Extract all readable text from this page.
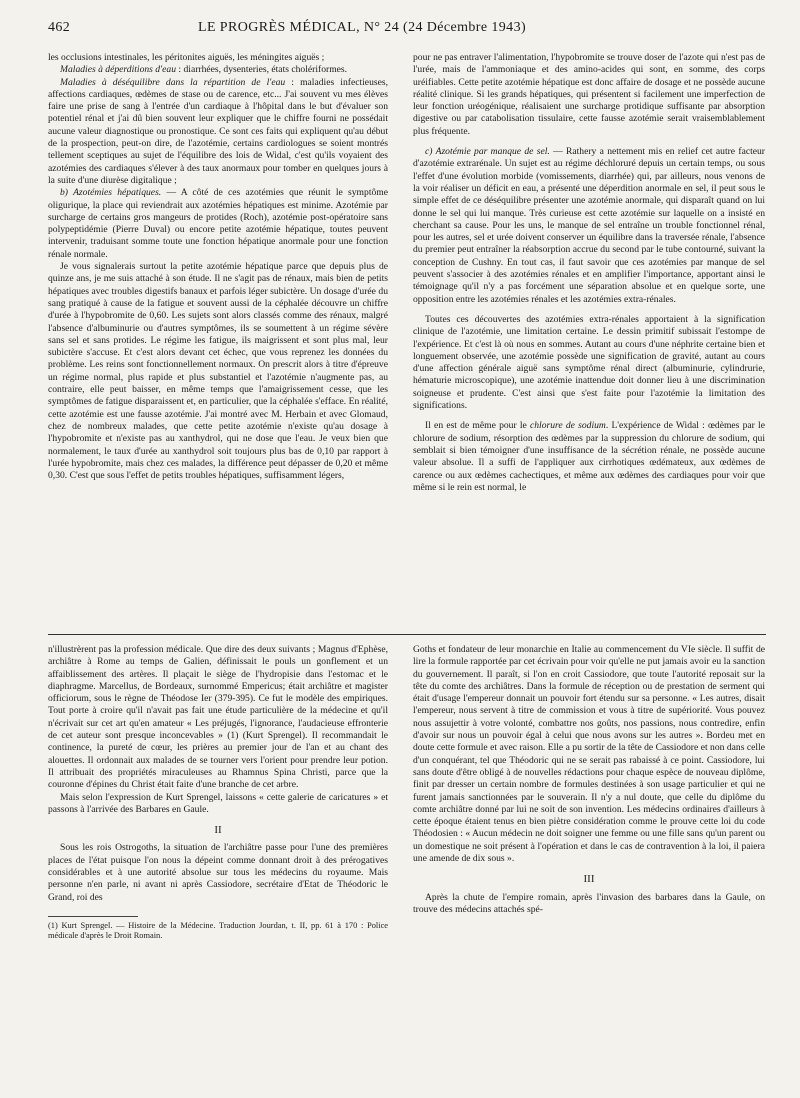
462	LE PROGRÈS MÉDICAL, N° 24 (24 Décembre 1943)

les occlusions intestinales, les péritonites aiguës, les méningites aiguës ;

Maladies à déperditions d'eau : diarrhées, dysenteries, états cholériformes.

Maladies à déséquilibre dans la répartition de l'eau : maladies infectieuses, affections cardiaques, œdèmes de stase ou de carence, etc... J'ai souvent vu mes élèves faire une prise de sang à l'entrée d'un cardiaque à l'hôpital dans le but d'évaluer son potentiel rénal et j'ai dû bien souvent leur expliquer que le chiffre fourni ne possédait aucune valeur diagnostique ou pronostique. Ce sont ces faits qui expliquent qu'au début de la prospection, peut-on dire, de l'azotémie, certains cardiologues se soient montrés tellement sceptiques au sujet de l'équilibre des lois de Widal, c'est qu'ils voyaient des azotémies des cardiaques s'élever à des taux anormaux pour tomber en quelques jours à la suite d'une diurèse digitalique ;

b) Azotémies hépatiques. — A côté de ces azotémies que réunit le symptôme oligurique, la place qui reviendrait aux azotémies hépatiques est minime. Azotémie par surcharge de certains gros mangeurs de protides (Roch), azotémie post-opératoire sans polypeptidémie (Pierre Duval) ou encore petite azotémie hépatique, toutes peuvent intervenir, traduisant somme toute une fonction hépatique anormale pour une fonction rénale normale.

Je vous signalerais surtout la petite azotémie hépatique parce que depuis plus de quinze ans, je me suis attaché à son étude. Il ne s'agit pas de rénaux, mais bien de petits hépatiques avec troubles digestifs banaux et parfois léger subictère. Un dosage d'urée du sang pratiqué à cause de la fatigue et souvent aussi de la céphalée découvre un chiffre d'urée à l'hypobromite de 0,60. Les sujets sont alors classés comme des rénaux, malgré l'absence d'albuminurie ou d'autres symptômes, ils se soumettent à un régime sévère sans sel et sans protides. Le régime les fatigue, ils maigrissent et sont plus mal, leur subictère s'accuse. Et c'est alors devant cet échec, que vous reprenez les données du problème. Les reins sont fonctionnellement normaux. On prescrit alors à titre d'épreuve un régime normal, plus rapide et plus substantiel et l'azotémie n'augmente pas, au contraire, elle peut baisser, en même temps que l'amaigrissement cesse, que les symptômes de fatigue disparaissent et, en particulier, que la céphalée s'efface. En réalité, cette azotémie est une fausse azotémie. J'ai montré avec M. Herbain et avec Glomaud, chez de nombreux malades, que cette petite azotémie n'existe qu'au dosage à l'hypobromite et n'existe pas au xanthydrol, qui ne dose que l'eau. Je veux bien que normalement, le taux d'urée au xanthydrol soit toujours plus bas de 0,10 par rapport à l'urée hypobromite, mais chez ces malades, la différence peut dépasser de 0,20 et même 0,30. C'est que sous l'effet de petits troubles hépatiques, suffisamment légers,

pour ne pas entraver l'alimentation, l'hypobromite se trouve doser de l'azote qui n'est pas de l'urée, mais de l'ammoniaque et des amino-acides qui sont, en somme, des corps uréifiables. Cette petite azotémie hépatique est donc affaire de dosage et ne possède aucune réalité clinique. Si les grands hépatiques, qui présentent si facilement une imperfection de leur fonction uréogénique, réalisaient une surcharge protidique suffisante par absorption digestive ou par catabolisation tissulaire, cette fausse azotémie serait vraisemblablement plus fréquente.

c) Azotémie par manque de sel. — Rathery a nettement mis en relief cet autre facteur d'azotémie extrarénale. Un sujet est au régime déchloruré depuis un certain temps, ou sous l'effet d'une évolution morbide (vomissements, diarrhée) qui, par ailleurs, nous venons de la voir réaliser un déficit en eau, a présenté une déperdition anormale en sel, il peut sous le simple effet de ce déséquilibre présenter une azotémie anormale, qui disparaît quand on lui donne le sel qui lui manque. Très curieuse est cette azotémie sur laquelle on a insisté en cherchant sa cause. Pour les uns, le manque de sel entraîne un trouble fonctionnel rénal, pour les autres, sel et urée doivent conserver un équilibre dans la traversée rénale, l'absence du premier peut entraîner la réabsorption accrue du second par le tube contourné, suivant la conception de Cushny. En tout cas, il faut savoir que ces azotémies par manque de sel peuvent s'associer à des azotémies rénales et en amplifier l'importance, apportant ainsi le témoignage qu'il n'y a pas forcément une séparation absolue et en quelque sorte, une opposition entre les azotémies rénales et les azotémies extra-rénales.

Toutes ces découvertes des azotémies extra-rénales apportaient à la signification clinique de l'azotémie, une limitation certaine. Le dessin primitif subissait l'estompe de l'expérience. Et c'est là où nous en sommes. Autant au cours d'une néphrite certaine bien et longuement observée, une azotémie possède une signification de gravité, autant au cours d'une affection générale aiguë sans symptôme rénal direct (albuminurie, cylindrurie, hématurie microscopique), une azotémie inattendue doit donner lieu à une discrimination soigneuse et prudente. C'est ainsi que s'est faite pour l'azotémie la limitation des significations.

Il en est de même pour le chlorure de sodium. L'expérience de Widal : œdèmes par le chlorure de sodium, résorption des œdèmes par la suppression du chlorure de sodium, qui semblait si bien témoigner d'une insuffisance de la sécrétion rénale, ne possède aucune valeur absolue. Il a suffi de l'appliquer aux cirrhotiques œdémateux, aux œdèmes de carence ou aux œdèmes cachectiques, et même aux œdèmes des cardiaques pour voir que même si le rein est normal, le

n'illustrèrent pas la profession médicale. Que dire des deux suivants ; Magnus d'Ephèse, archiâtre à Rome au temps de Galien, définissait le pouls un gonflement et un affaiblissement des artères. Il plaçait le siège de l'hydropisie dans l'estomac et le diaphragme. Marcellus, de Bordeaux, surnommé Empericus; était archiâtre et magister officiorum, sous le règne de Théodose Ier (379-395). Ce fut le modèle des empiriques. Tout porte à croire qu'il n'avait pas fait une étude particulière de la médecine et qu'il n'écrivait sur cet art qu'en amateur « Les préjugés, l'ignorance, l'audacieuse effronterie de cet auteur sont presque inconcevables » (1) (Kurt Sprengel). Il recommandait le continence, la pureté de cœur, les prières au premier jour de l'an et au chant des alouettes. Il ordonnait aux malades de se tourner vers l'orient pour prendre leur potion. Il attribuait des propriétés miraculeuses au Rhamnus Spina Christi, parce que la couronne d'épines du Christ était faite d'une branche de cet arbre.

Mais selon l'expression de Kurt Sprengel, laissons « cette galerie de caricatures » et passons à l'arrivée des Barbares en Gaule.

II

Sous les rois Ostrogoths, la situation de l'archiâtre passe pour l'une des premières places de l'état puisque l'on nous la dépeint comme donnant droit à des prérogatives considérables et à une autorité absolue sur tous les médecins du royaume. Mais personne n'en parle, ni avant ni après Cassiodore, secrétaire d'Etat de Théodoric le Grand, roi des

(1) Kurt Sprengel. — Histoire de la Médecine. Traduction Jourdan, t. II, pp. 61 à 170 : Police médicale d'après le Droit Romain.

Goths et fondateur de leur monarchie en Italie au commencement du VIe siècle. Il suffit de lire la formule rapportée par cet écrivain pour voir qu'elle ne put jamais avoir eu la sanction du gouvernement. Il paraît, si l'on en croit Cassiodore, que toute l'autorité reposait sur la tête du comte des archiâtres. Dans la formule de réception ou de prestation de serment qui était d'usage l'empereur donnait un pouvoir fort étendu sur sa personne. « Les autres, disait l'empereur, nous servent à titre de commission et vous à titre de supériorité. Vous pouvez nous assujettir à votre volonté, combattre nos goûts, nos passions, nous contredire, enfin d'avoir sur nous un pouvoir égal à celui que nous avons sur les autres ». Bordeu met en doute cette formule et avec raison. Elle a pu sortir de la tête de Cassiodore et non dans celle d'un conquérant, tel que Théodoric qui ne se serait pas rabaissé à ce point. Cassiodore, lui sans doute d'être obligé à de nouvelles rédactions pour chaque espèce de nouveau diplôme, finit par dresser un certain nombre de formules destinées à son usage particulier et qui ne furent jamais sanctionnées par le souverain. Il n'y a nul doute, que celle du diplôme du comte archiâtre donné par lui ne soit de son invention. Les médecins ordinaires d'ailleurs à cette époque étaient tenus en bien piètre considération comme le prouve cette loi du code Théodosien : « Aucun médecin ne doit soigner une femme ou une fille sans qu'un parent ou un domestique ne soit présent à l'opération et dans le cas de contravention à la loi, il paiera une amende de dix sous ».

III

Après la chute de l'empire romain, après l'invasion des barbares dans la Gaule, on trouve des médecins attachés spé-
